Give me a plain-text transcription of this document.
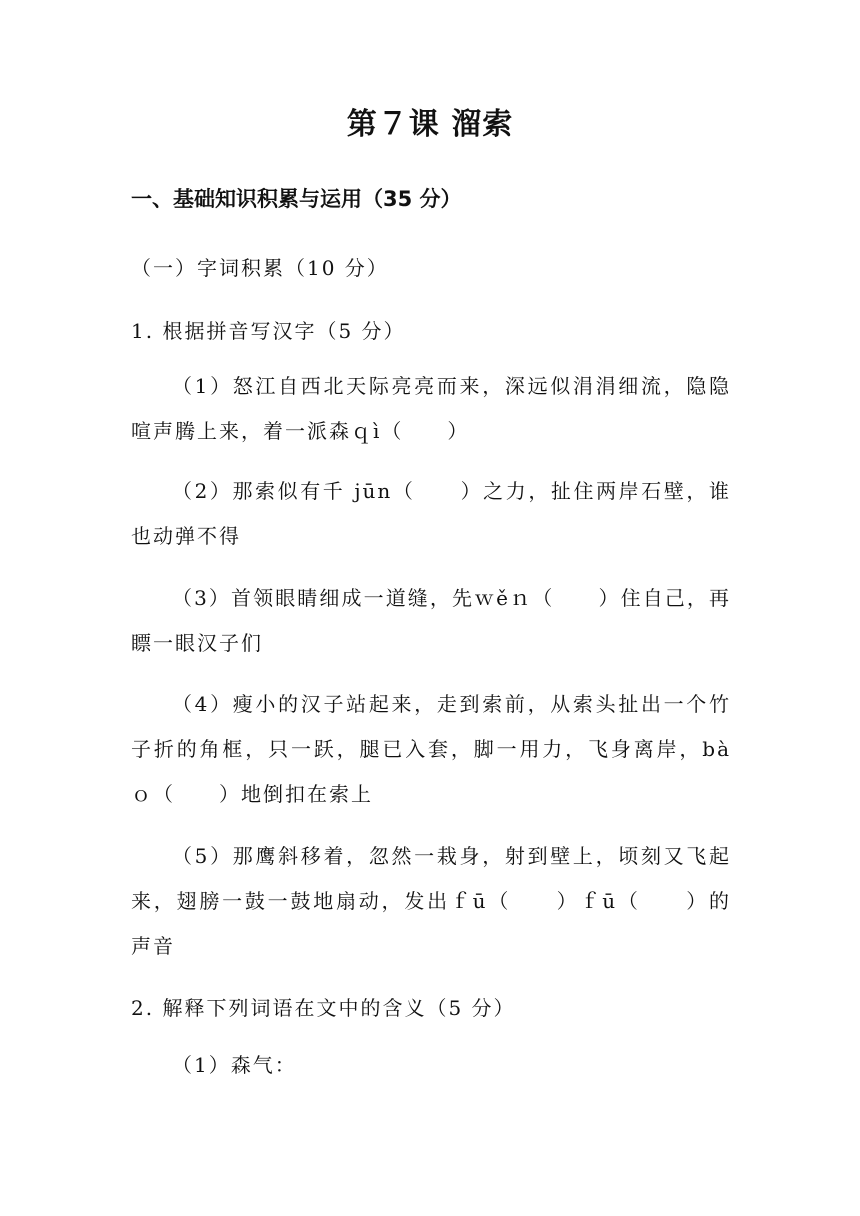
第７课 溜索
一、基础知识积累与运用（35 分）
（一）字词积累（10 分）
1. 根据拼音写汉字（5 分）
（1）怒江自西北天际亮亮而来，深远似涓涓细流，隐隐喧声腾上来，着一派森ｑì（　　）
（2）那索似有千 jūn（　　）之力，扯住两岸石壁，谁也动弹不得
（3）首领眼睛细成一道缝，先ｗěｎ（　　）住自己，再瞟一眼汉子们
（4）瘦小的汉子站起来，走到索前，从索头扯出一个竹子折的角框，只一跃，腿已入套，脚一用力，飞身离岸，bàｏ（　　）地倒扣在索上
（5）那鹰斜移着，忽然一栽身，射到壁上，顷刻又飞起来，翅膀一鼓一鼓地扇动，发出ｆū（　　）ｆū（　　）的声音
2. 解释下列词语在文中的含义（5 分）
（1）森气：
